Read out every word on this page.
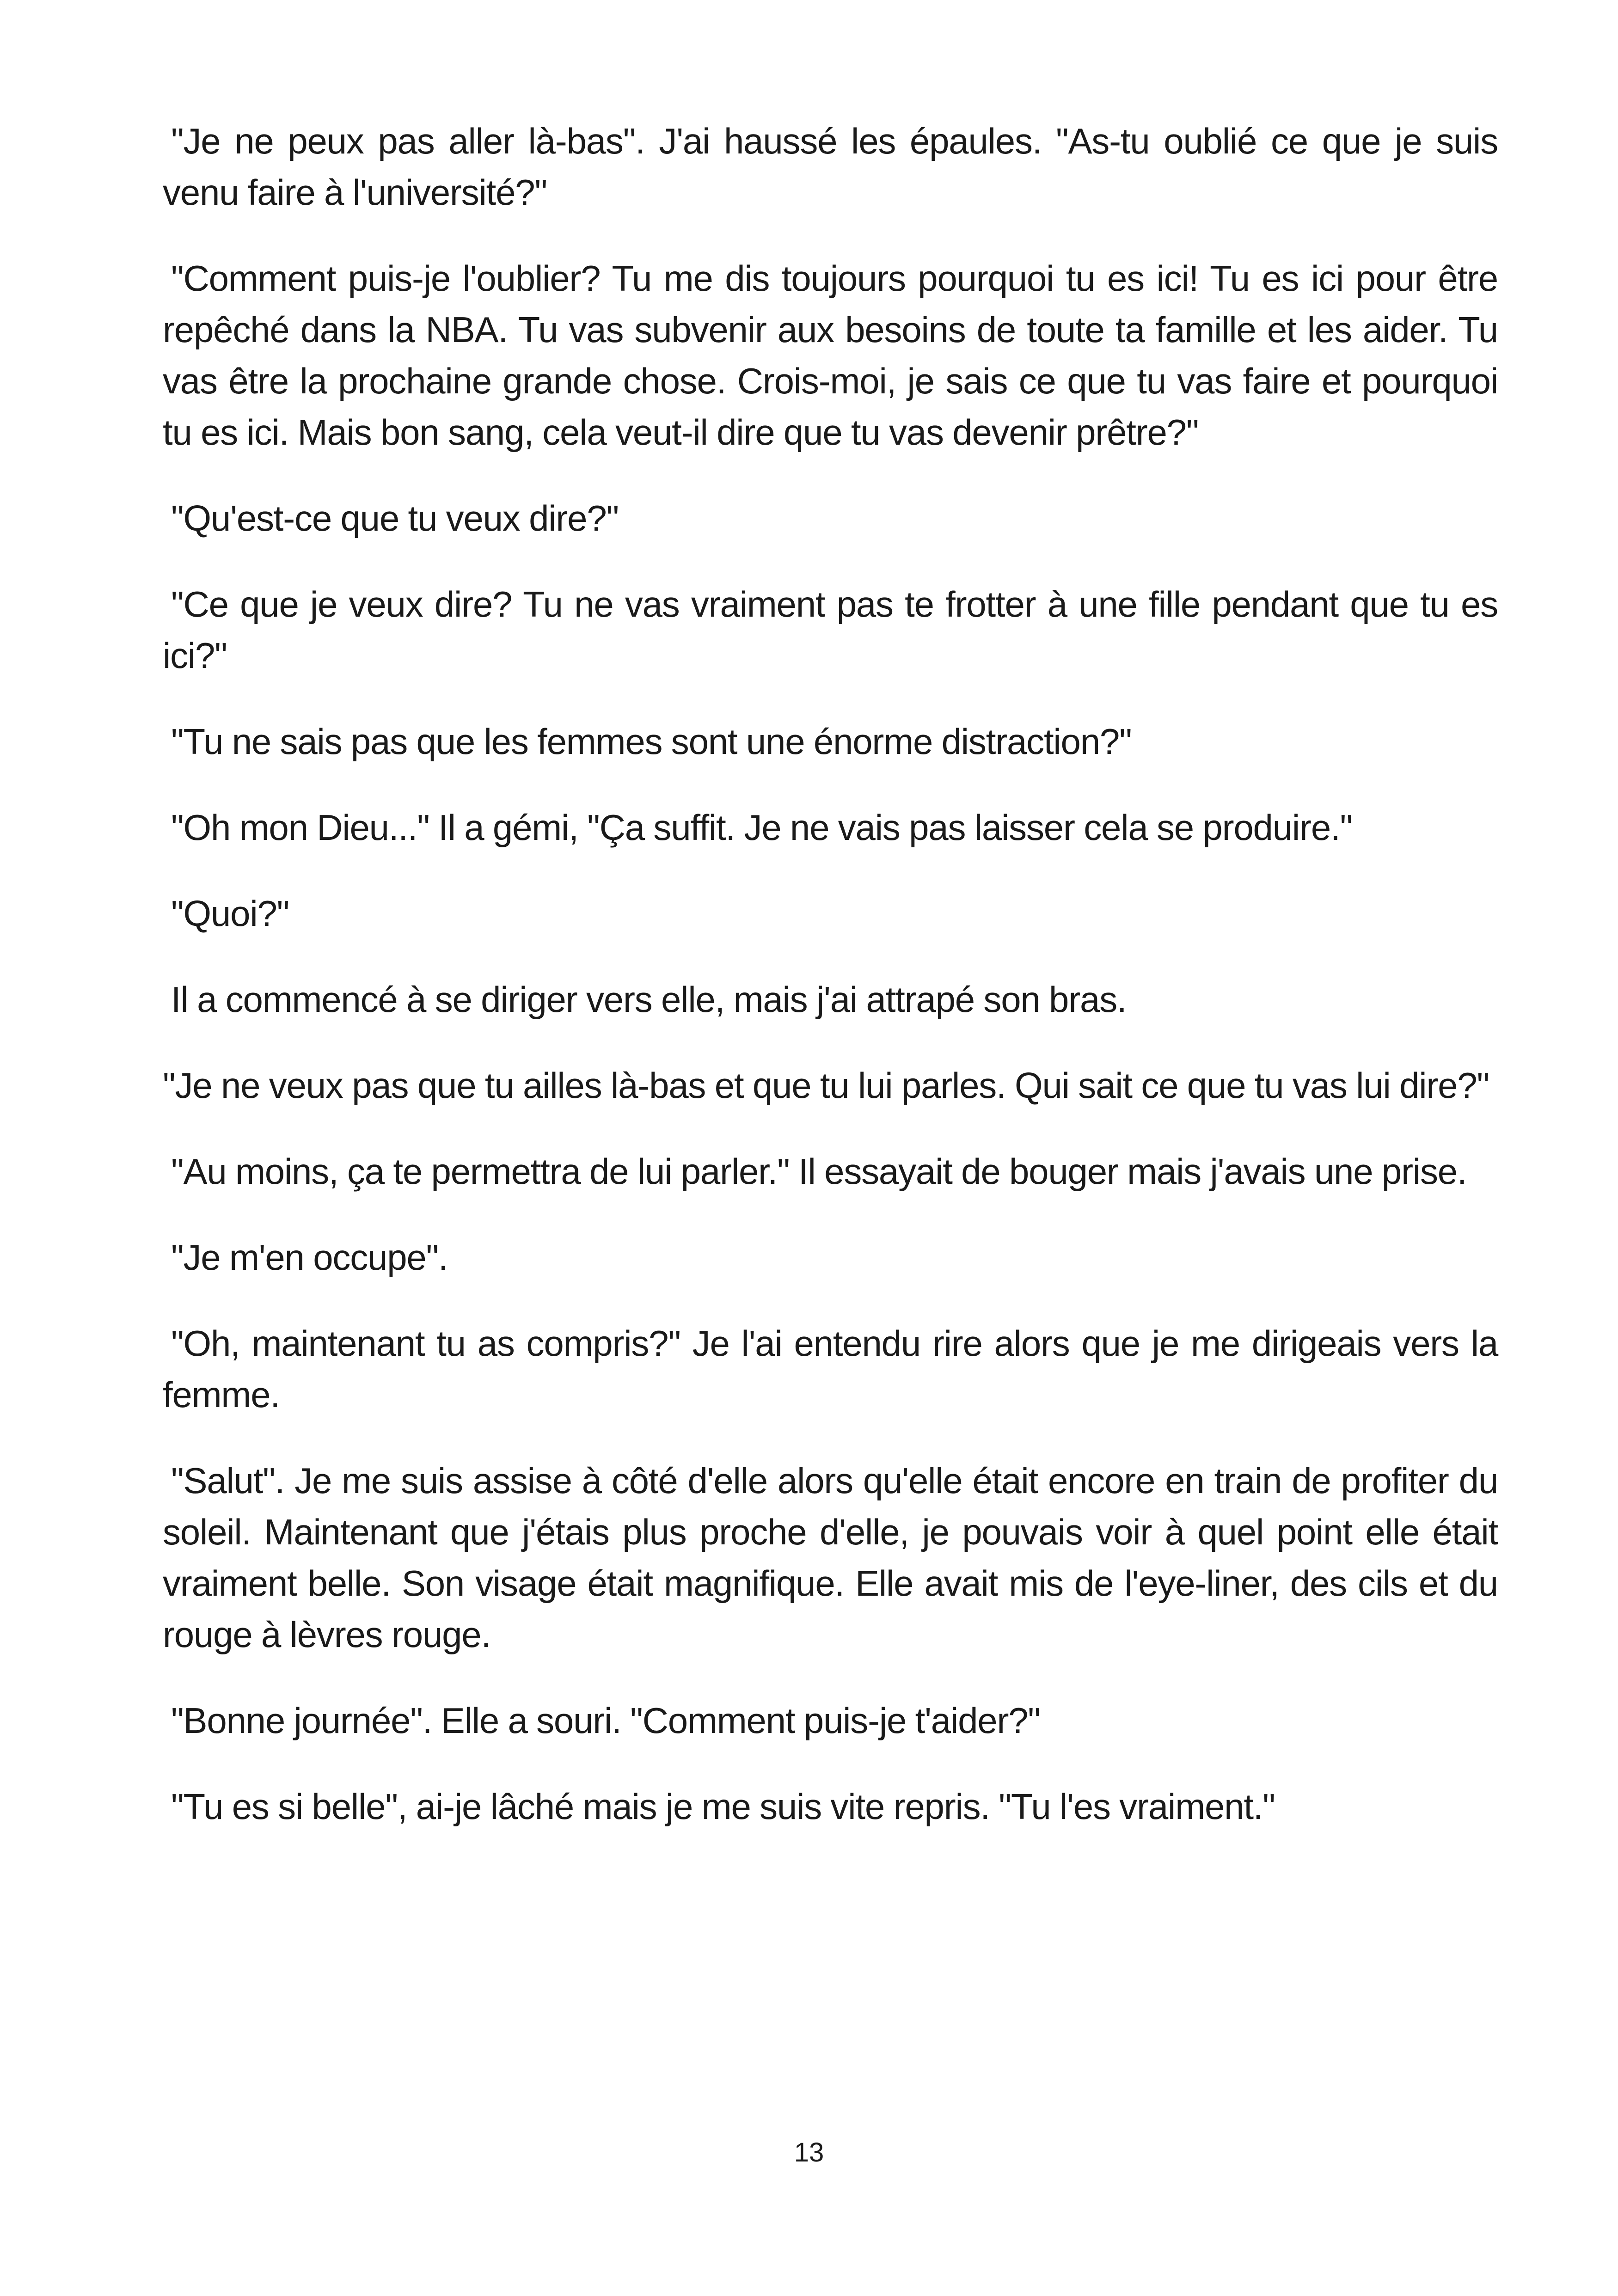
"Je ne peux pas aller là-bas". J'ai haussé les épaules. "As-tu oublié ce que je suis venu faire à l'université?"

"Comment puis-je l'oublier? Tu me dis toujours pourquoi tu es ici! Tu es ici pour être repêché dans la NBA. Tu vas subvenir aux besoins de toute ta famille et les aider. Tu vas être la prochaine grande chose. Crois-moi, je sais ce que tu vas faire et pourquoi tu es ici. Mais bon sang, cela veut-il dire que tu vas devenir prêtre?"

"Qu'est-ce que tu veux dire?"

"Ce que je veux dire? Tu ne vas vraiment pas te frotter à une fille pendant que tu es ici?"

"Tu ne sais pas que les femmes sont une énorme distraction?"

"Oh mon Dieu..." Il a gémi, "Ça suffit. Je ne vais pas laisser cela se produire."

"Quoi?"

Il a commencé à se diriger vers elle, mais j'ai attrapé son bras.

"Je ne veux pas que tu ailles là-bas et que tu lui parles. Qui sait ce que tu vas lui dire?"

"Au moins, ça te permettra de lui parler." Il essayait de bouger mais j'avais une prise.

"Je m'en occupe".

"Oh, maintenant tu as compris?" Je l'ai entendu rire alors que je me dirigeais vers la femme.

"Salut". Je me suis assise à côté d'elle alors qu'elle était encore en train de profiter du soleil. Maintenant que j'étais plus proche d'elle, je pouvais voir à quel point elle était vraiment belle. Son visage était magnifique. Elle avait mis de l'eye-liner, des cils et du rouge à lèvres rouge.

"Bonne journée". Elle a souri. "Comment puis-je t'aider?"

"Tu es si belle", ai-je lâché mais je me suis vite repris. "Tu l'es vraiment."

13
